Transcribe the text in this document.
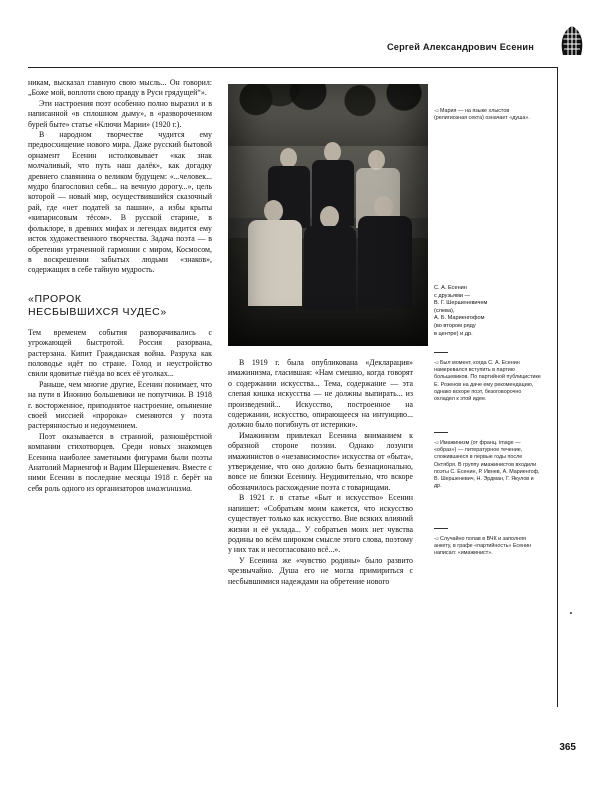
Сергей Александрович Есенин

никам, высказал главную свою мысль... Он говорил: „Боже мой, воплоти свою правду в Руси грядущей“».

Эти настроения поэт особенно полно выразил и в написанной «в сплошном дыму», в «развороченном бурей быте» статье «Ключи Марии» (1920 г.).

В народном творчестве чудится ему предвосхищение нового мира. Даже русский бытовой орнамент Есенин истолковывает «как знак молчаливый, что путь наш далёк», как догадку древнего славянина о великом будущем: «...человек... мудро благословил себя... на вечную дорогу...», цель которой — новый мир, осуществившийся сказочный рай, где «нет податей за пашни», а избы крыты «кипарисовым тёсом». В русской старине, в фольклоре, в древних мифах и легендах видится ему исток художественного творчества. Задача поэта — в обретении утраченной гармонии с миром, Космосом, в воскрешении забытых людьми «знаков», содержащих в себе тайную мудрость.

«ПРОРОК
НЕСБЫВШИХСЯ ЧУДЕС»

Тем временем события разворачивались с угрожающей быстротой. Россия разорвана, растерзана. Кипит Гражданская война. Разруха как половодье идёт по стране. Голод и неустройство свили ядовитые гнёзда во всех её уголках...

Раньше, чем многие другие, Есенин понимает, что на пути в Инонию большевики не попутчики. В 1918 г. восторженное, приподнятое настроение, опьянение своей миссией «пророка» сменяются у поэта растерянностью и недоумением.

Поэт оказывается в странной, разношёрстной компании стихотворцев. Среди новых знакомцев Есенина наиболее заметными фигурами были поэты Анатолий Мариенгоф и Вадим Шершеневич. Вместе с ними Есенин в последние месяцы 1918 г. берёт на себя роль одного из организаторов имажинизма.

В 1919 г. была опубликована «Декларация» имажинизма, гласившая: «Нам смешно, когда говорят о содержании искусства... Тема, содержание — эта слепая кишка искусства — не должны выпирать... из произведений... Искусство, построенное на содержании, искусство, опирающееся на интуицию... должно было погибнуть от истерики».

Имажинизм привлекал Есенина вниманием к образной стороне поэзии. Однако лозунги имажинистов о «независимости» искусства от «быта», утверждение, что оно должно быть безнационально, вовсе не близки Есенину. Неудивительно, что вскоре обозначилось расхождение поэта с товарищами.

В 1921 г. в статье «Быт и искусство» Есенин напишет: «Собратьям моим кажется, что искусство существует только как искусство. Вне всяких влияний жизни и её уклада... У собратьев моих нет чувства родины во всём широком смысле этого слова, поэтому у них так и несогласовано всё...».

У Есенина же «чувство родины» было развито чрезвычайно. Душа его не могла примириться с несбывшимися надеждами на обретение нового

◅ Мария — на языке хлыстов (религиозная секта) означает «душа».
С. А. Есенин
с друзьями —
В. Г. Шершеневичем
(слева),
А. Б. Мариенгофом
(во втором ряду
в центре) и др.
◅ Был момент, когда С. А. Есенин намеревался вступить в партию большевиков. По партийной публицистике Е. Розенов на даче ему рекомендацию, однако вскоре поэт, безоговорочно охладел к этой идее.
◅ Имажинизм (от франц. image — «образ») — литературное течение, сложившееся в первые годы после Октября. В группу имажинистов входили поэты С. Есенин, Р. Ивнев, А. Мариенгоф, В. Шершеневич, Н. Эрдман, Г. Якулов и др.
◅ Случайно попав в ВЧК и заполняя анкету, в графе «партийность» Есенин написал: «имажинист».
365
